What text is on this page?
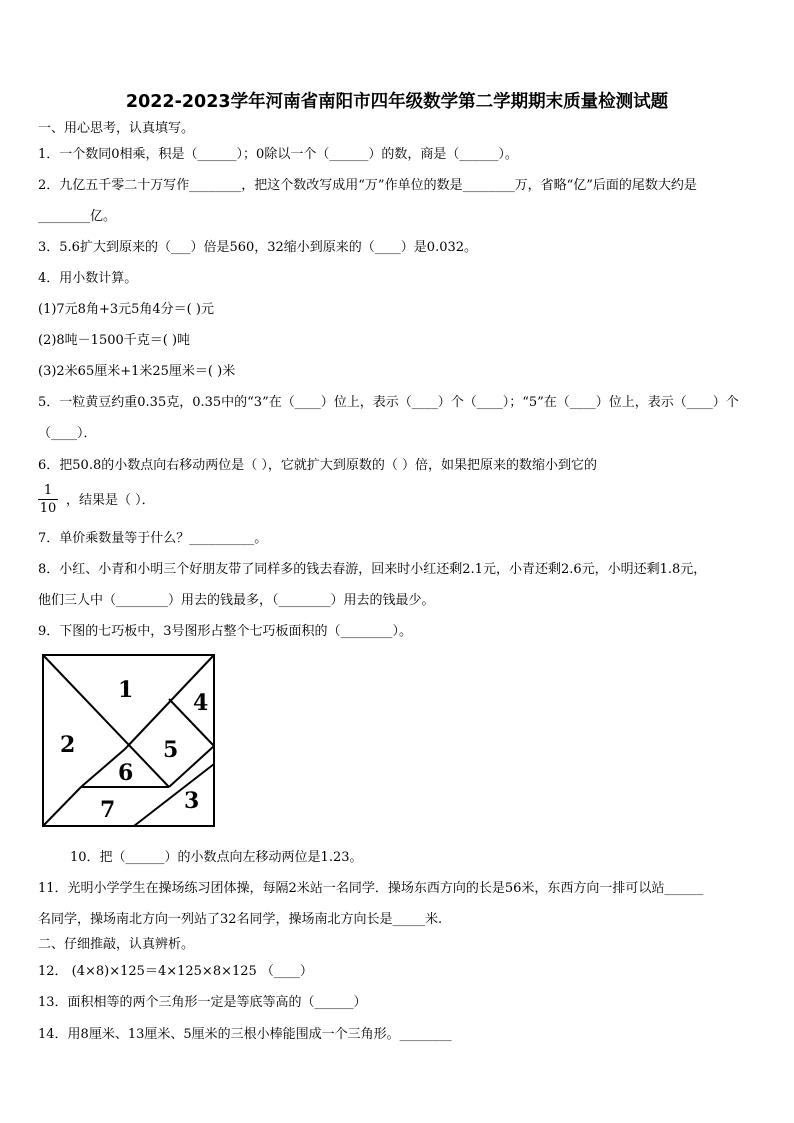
2022-2023学年河南省南阳市四年级数学第二学期期末质量检测试题
一、用心思考，认真填写。
1．一个数同0相乘，积是（______）；0除以一个（______）的数，商是（______）。
2．九亿五千零二十万写作________，把这个数改写成用“万”作单位的数是________万，省略“亿”后面的尾数大约是
________亿。
3．5.6扩大到原来的（___）倍是560，32缩小到原来的（____）是0.032。
4．用小数计算。
(1)7元8角+3元5角4分＝( )元
(2)8吨－1500千克＝( )吨
(3)2米65厘米+1米25厘米＝( )米
5．一粒黄豆约重0.35克，0.35中的“3”在（____）位上，表示（____）个（____）；“5”在（____）位上，表示（____）个
（____）．
6．把50.8的小数点向右移动两位是（ ），它就扩大到原数的（ ）倍，如果把原来的数缩小到它的
$\frac{1}{10}$ ，结果是（ ）．
7．单价乘数量等于什么？__________。
8．小红、小青和小明三个好朋友带了同样多的钱去春游，回来时小红还剩2.1元，小青还剩2.6元，小明还剩1.8元，
他们三人中（________）用去的钱最多，（________）用去的钱最少。
9．下图的七巧板中，3号图形占整个七巧板面积的（________）。
1
2
3
4
5
6
7
10．把（______）的小数点向左移动两位是1.23。
11．光明小学学生在操场练习团体操，每隔2米站一名同学．操场东西方向的长是56米，东西方向一排可以站______
名同学，操场南北方向一列站了32名同学，操场南北方向长是_____米.
二、仔细推敲，认真辨析。
12． (4×8)×125＝4×125×8×125 （____）
13．面积相等的两个三角形一定是等底等高的（______）
14．用8厘米、13厘米、5厘米的三根小棒能围成一个三角形。________
